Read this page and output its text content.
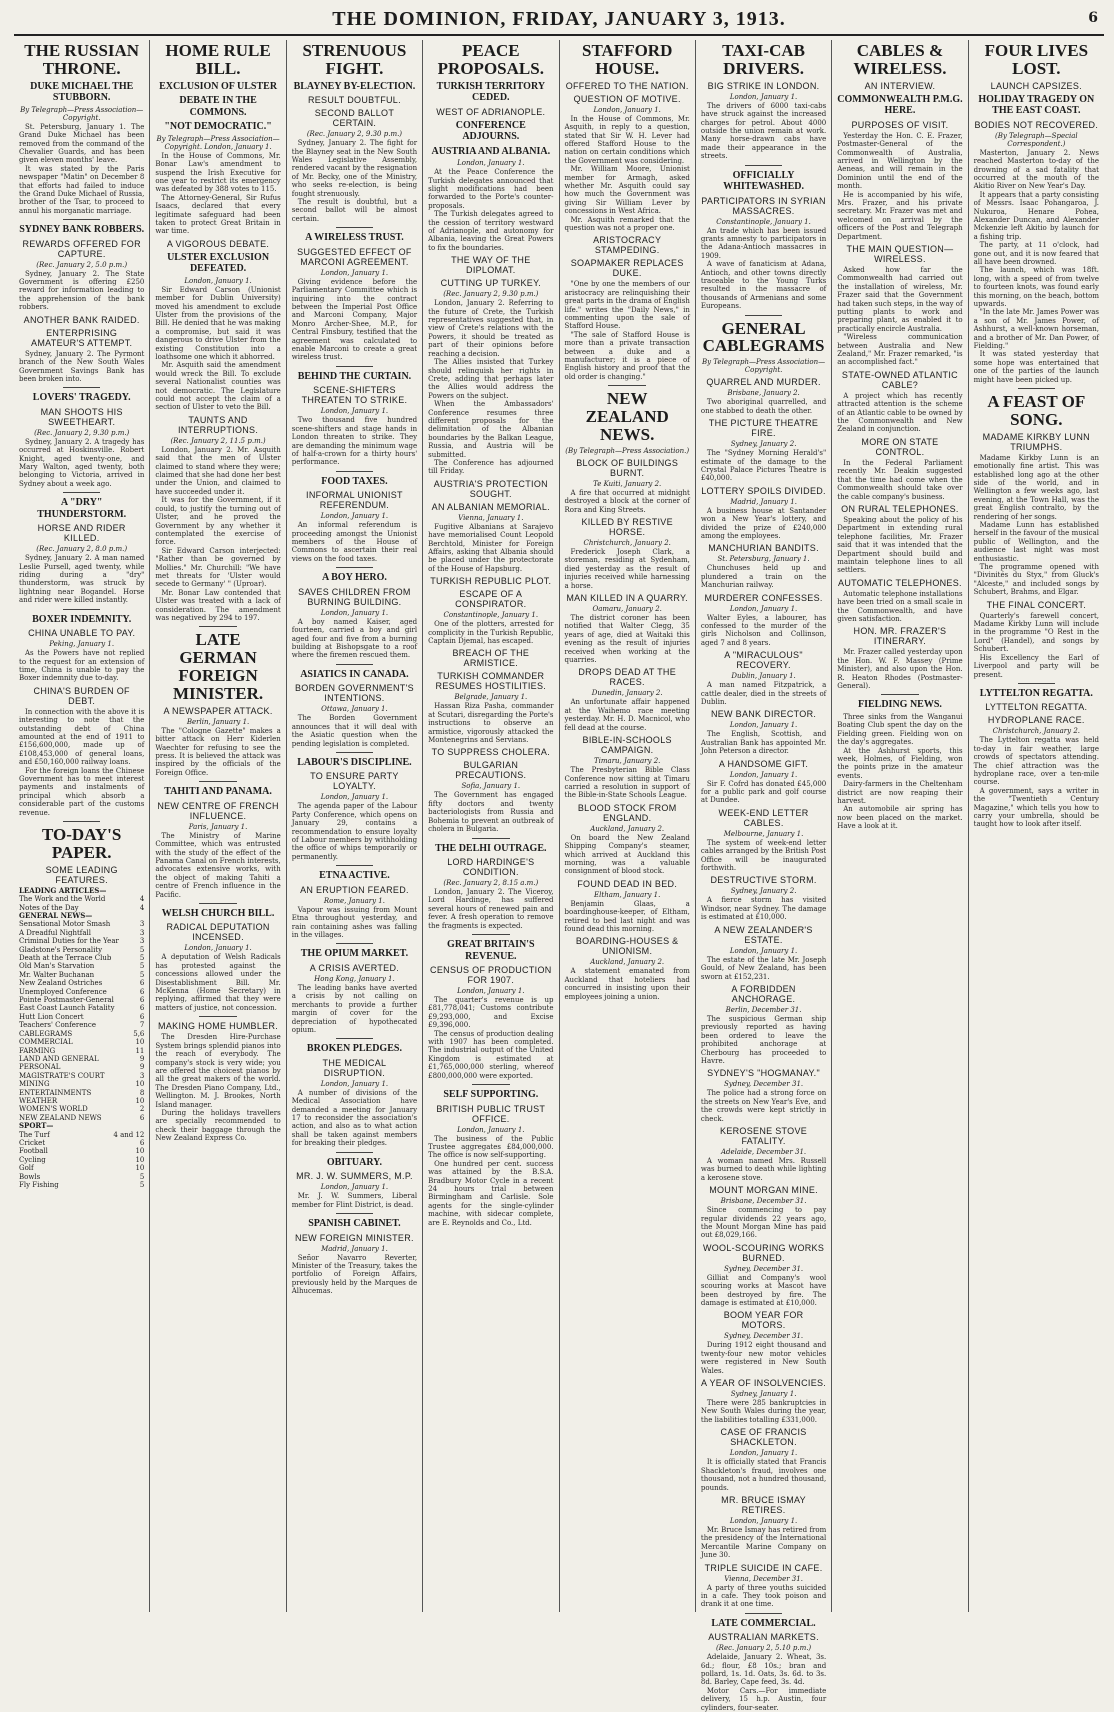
THE DOMINION, FRIDAY, JANUARY 3, 1913.	6
THE RUSSIAN THRONE.
DUKE MICHAEL THE STUBBORN.
By Telegraph—Press Association—Copyright.

St. Petersburg, January 1. The Grand Duke Michael has been removed from the command of the Chevalier Guards, and has been given eleven months' leave.

It was stated by the Paris newspaper "Matin" on December 8 that efforts had failed to induce the Grand Duke Michael of Russia, brother of the Tsar, to proceed to annul his morganatic marriage.

SYDNEY BANK ROBBERS.
REWARDS OFFERED FOR CAPTURE.
(Rec. January 2, 5.0 p.m.)

Sydney, January 2. The State Government is offering £250 reward for information leading to the apprehension of the bank robbers.

ANOTHER BANK RAIDED.
ENTERPRISING AMATEUR'S ATTEMPT.

Sydney, January 2. The Pyrmont branch of the New South Wales Government Savings Bank has been broken into.

LOVERS' TRAGEDY.
MAN SHOOTS HIS SWEETHEART.
(Rec. January 2, 9.30 p.m.)

Sydney, January 2. A tragedy has occurred at Hoskinsville. Robert Knight, aged twenty-one, and Mary Walton, aged twenty, both belonging to Victoria, arrived in Sydney about a week ago.

A "DRY" THUNDERSTORM.
HORSE AND RIDER KILLED.
(Rec. January 2, 8.0 p.m.)

Sydney, January 2. A man named Leslie Pursell, aged twenty, while riding during a "dry" thunderstorm, was struck by lightning near Bogandel. Horse and rider were killed instantly.

BOXER INDEMNITY.
CHINA UNABLE TO PAY.
Peking, January 1.

As the Powers have not replied to the request for an extension of time, China is unable to pay the Boxer indemnity due to-day.

CHINA'S BURDEN OF DEBT.

In connection with the above it is interesting to note that the outstanding debt of China amounted at the end of 1911 to £156,600,000, made up of £108,453,000 of general loans, and £50,160,000 railway loans.

For the foreign loans the Chinese Government has to meet interest payments and instalments of principal which absorb a considerable part of the customs revenue.

TO-DAY'S PAPER.
SOME LEADING FEATURES.
LEADING ARTICLES—
The Work and the World	4
Notes of the Day	4
GENERAL NEWS—
Sensational Motor Smash	3
A Dreadful Nightfall	3
Criminal Duties for the Year	3
Gladstone's Personality	5
Death at the Terrace Club	5
Old Man's Starvation	5
Mr. Walter Buchanan	5
New Zealand Ostriches	6
Unemployed Conference	6
Pointe Postmaster-General	6
East Coast Launch Fatality	6
Hutt Lion Concert	6
Teachers' Conference	7
CABLEGRAMS	5,6
COMMERCIAL	10
FARMING	11
LAND AND GENERAL	9
PERSONAL	9
MAGISTRATE'S COURT	3
MINING	10
ENTERTAINMENTS	8
WEATHER	10
WOMEN'S WORLD	2
NEW ZEALAND NEWS	6
SPORT—
The Turf	4 and 12
Cricket	6
Football	10
Cycling	10
Golf	10
Bowls	5
Fly Fishing	5
HOME RULE BILL.
EXCLUSION OF ULSTER
DEBATE IN THE COMMONS.
"NOT DEMOCRATIC."
By Telegraph—Press Association—Copyright. London, January 1.

In the House of Commons, Mr. Bonar Law's amendment to suspend the Irish Executive for one year to restrict its emergency was defeated by 388 votes to 115.

The Attorney-General, Sir Rufus Isaacs, declared that every legitimate safeguard had been taken to protect Great Britain in war time.

A VIGOROUS DEBATE.
ULSTER EXCLUSION DEFEATED.
London, January 1.

Sir Edward Carson (Unionist member for Dublin University) moved his amendment to exclude Ulster from the provisions of the Bill. He denied that he was making a compromise, but said it was dangerous to drive Ulster from the existing Constitution into a loathsome one which it abhorred.

Mr. Asquith said the amendment would wreck the Bill. To exclude several Nationalist counties was not democratic. The Legislature could not accept the claim of a section of Ulster to veto the Bill.

TAUNTS AND INTERRUPTIONS.
(Rec. January 2, 11.5 p.m.)

London, January 2. Mr. Asquith said that the men of Ulster claimed to stand where they were; claimed that she had done her best under the Union, and claimed to have succeeded under it.

It was for the Government, if it could, to justify the turning out of Ulster, and he proved the Government by any whether it contemplated the exercise of force.

Sir Edward Carson interjected: "Rather than be governed by Mollies." Mr. Churchill: "We have met threats for 'Ulster would secede to Germany' " (Uproar).

Mr. Bonar Law contended that Ulster was treated with a lack of consideration. The amendment was negatived by 294 to 197.

LATE GERMAN FOREIGN MINISTER.
A NEWSPAPER ATTACK.
Berlin, January 1.

The "Cologne Gazette" makes a bitter attack on Herr Kiderlen Waechter for refusing to see the press. It is believed the attack was inspired by the officials of the Foreign Office.

TAHITI AND PANAMA.
NEW CENTRE OF FRENCH INFLUENCE.
Paris, January 1.

The Ministry of Marine Committee, which was entrusted with the study of the effect of the Panama Canal on French interests, advocates extensive works, with the object of making Tahiti a centre of French influence in the Pacific.

WELSH CHURCH BILL.
RADICAL DEPUTATION INCENSED.
London, January 1.

A deputation of Welsh Radicals has protested against the concessions allowed under the Disestablishment Bill. Mr. McKenna (Home Secretary) in replying, affirmed that they were matters of justice, not concession.

MAKING HOME HUMBLER.

The Dresden Hire-Purchase System brings splendid pianos into the reach of everybody. The company's stock is very wide; you are offered the choicest pianos by all the great makers of the world. The Dresden Piano Company, Ltd., Wellington. M. J. Brookes, North Island manager.

During the holidays travellers are specially recommended to check their baggage through the New Zealand Express Co.

STRENUOUS FIGHT.
BLAYNEY BY-ELECTION.
RESULT DOUBTFUL.
SECOND BALLOT CERTAIN.
(Rec. January 2, 9.30 p.m.)

Sydney, January 2. The fight for the Blayney seat in the New South Wales Legislative Assembly, rendered vacant by the resignation of Mr. Becky, one of the Ministry, who seeks re-election, is being fought strenuously.

The result is doubtful, but a second ballot will be almost certain.

A WIRELESS TRUST.
SUGGESTED EFFECT OF MARCONI AGREEMENT.
London, January 1.

Giving evidence before the Parliamentary Committee which is inquiring into the contract between the Imperial Post Office and Marconi Company, Major Monro Archer-Shee, M.P., for Central Finsbury, testified that the agreement was calculated to enable Marconi to create a great wireless trust.

BEHIND THE CURTAIN.
SCENE-SHIFTERS THREATEN TO STRIKE.
London, January 1.

Two thousand five hundred scene-shifters and stage hands in London threaten to strike. They are demanding the minimum wage of half-a-crown for a thirty hours' performance.

FOOD TAXES.
INFORMAL UNIONIST REFERENDUM.
London, January 1.

An informal referendum is proceeding amongst the Unionist members of the House of Commons to ascertain their real views on the food taxes.

A BOY HERO.
SAVES CHILDREN FROM BURNING BUILDING.
London, January 1.

A boy named Kaiser, aged fourteen, carried a boy and girl aged four and five from a burning building at Bishopsgate to a roof where the firemen rescued them.

ASIATICS IN CANADA.
BORDEN GOVERNMENT'S INTENTIONS.
Ottawa, January 1.

The Borden Government announces that it will deal with the Asiatic question when the pending legislation is completed.

LABOUR'S DISCIPLINE.
TO ENSURE PARTY LOYALTY.
London, January 1.

The agenda paper of the Labour Party Conference, which opens on January 29, contains a recommendation to ensure loyalty of Labour members by withholding the office of whips temporarily or permanently.

ETNA ACTIVE.
AN ERUPTION FEARED.
Rome, January 1.

Vapour was issuing from Mount Etna throughout yesterday, and rain containing ashes was falling in the villages.

THE OPIUM MARKET.
A CRISIS AVERTED.
Hong Kong, January 1.

The leading banks have averted a crisis by not calling on merchants to provide a further margin of cover for the depreciation of hypothecated opium.

BROKEN PLEDGES.
THE MEDICAL DISRUPTION.
London, January 1.

A number of divisions of the Medical Association have demanded a meeting for January 17 to reconsider the association's action, and also as to what action shall be taken against members for breaking their pledges.

OBITUARY.
MR. J. W. SUMMERS, M.P.
London, January 1.

Mr. J. W. Summers, Liberal member for Flint District, is dead.

SPANISH CABINET.
NEW FOREIGN MINISTER.
Madrid, January 1.

Señor Navarro Reverter, Minister of the Treasury, takes the portfolio of Foreign Affairs, previously held by the Marques de Alhucemas.

PEACE PROPOSALS.
TURKISH TERRITORY CEDED.
WEST OF ADRIANOPLE.
CONFERENCE ADJOURNS.
AUSTRIA AND ALBANIA.
London, January 1.

At the Peace Conference the Turkish delegates announced that slight modifications had been forwarded to the Porte's counter-proposals.

The Turkish delegates agreed to the cession of territory westward of Adrianople, and autonomy for Albania, leaving the Great Powers to fix the boundaries.

THE WAY OF THE DIPLOMAT.
CUTTING UP TURKEY.
(Rec. January 2, 9.30 p.m.)

London, January 2. Referring to the future of Crete, the Turkish representatives suggested that, in view of Crete's relations with the Powers, it should be treated as part of their opinions before reaching a decision.

The Allies insisted that Turkey should relinquish her rights in Crete, adding that perhaps later the Allies would address the Powers on the subject.

When the Ambassadors' Conference resumes three different proposals for the delimitation of the Albanian boundaries by the Balkan League, Russia, and Austria will be submitted.

The Conference has adjourned till Friday.

AUSTRIA'S PROTECTION SOUGHT.
AN ALBANIAN MEMORIAL.
Vienna, January 1.

Fugitive Albanians at Sarajevo have memorialised Count Leopold Berchtold, Minister for Foreign Affairs, asking that Albania should be placed under the protectorate of the House of Hapsburg.

TURKISH REPUBLIC PLOT.
ESCAPE OF A CONSPIRATOR.
Constantinople, January 1.

One of the plotters, arrested for complicity in the Turkish Republic, Captain Djemal, has escaped.

BREACH OF THE ARMISTICE.
TURKISH COMMANDER RESUMES HOSTILITIES.
Belgrade, January 1.

Hassan Riza Pasha, commander at Scutari, disregarding the Porte's instructions to observe an armistice, vigorously attacked the Montenegrins and Servians.

TO SUPPRESS CHOLERA.
BULGARIAN PRECAUTIONS.
Sofia, January 1.

The Government has engaged fifty doctors and twenty bacteriologists from Russia and Bohemia to prevent an outbreak of cholera in Bulgaria.

THE DELHI OUTRAGE.
LORD HARDINGE'S CONDITION.
(Rec. January 2, 8.15 a.m.)

London, January 2. The Viceroy, Lord Hardinge, has suffered several hours of renewed pain and fever. A fresh operation to remove the fragments is expected.

GREAT BRITAIN'S REVENUE.
CENSUS OF PRODUCTION FOR 1907.
London, January 1.

The quarter's revenue is up £81,778,041; Customs contribute £9,293,000, and Excise £9,396,000.

The census of production dealing with 1907 has been completed. The industrial output of the United Kingdom is estimated at £1,765,000,000 sterling, whereof £800,000,000 were exported.

SELF SUPPORTING.
BRITISH PUBLIC TRUST OFFICE.
London, January 1.

The business of the Public Trustee aggregates £84,000,000. The office is now self-supporting.

One hundred per cent. success was attained by the B.S.A. Bradbury Motor Cycle in a recent 24 hours trial between Birmingham and Carlisle. Sole agents for the single-cylinder machine, with sidecar complete, are E. Reynolds and Co., Ltd.

STAFFORD HOUSE.
OFFERED TO THE NATION.
QUESTION OF MOTIVE.
London, January 1.

In the House of Commons, Mr. Asquith, in reply to a question, stated that Sir W. H. Lever had offered Stafford House to the nation on certain conditions which the Government was considering.

Mr. William Moore, Unionist member for Armagh, asked whether Mr. Asquith could say how much the Government was giving Sir William Lever by concessions in West Africa.

Mr. Asquith remarked that the question was not a proper one.

ARISTOCRACY STAMPEDING.
SOAPMAKER REPLACES DUKE.

"One by one the members of our aristocracy are relinquishing their great parts in the drama of English life." writes the "Daily News," in commenting upon the sale of Stafford House.

"The sale of Stafford House is more than a private transaction between a duke and a manufacturer; it is a piece of English history and proof that the old order is changing."

NEW ZEALAND NEWS.
(By Telegraph—Press Association.)
BLOCK OF BUILDINGS BURNT.
Te Kuiti, January 2.

A fire that occurred at midnight destroyed a block at the corner of Rora and King Streets.

KILLED BY RESTIVE HORSE.
Christchurch, January 2.

Frederick Joseph Clark, a storeman, residing at Sydenham, died yesterday as the result of injuries received while harnessing a horse.

MAN KILLED IN A QUARRY.
Oamaru, January 2.

The district coroner has been notified that Walter Clegg, 35 years of age, died at Waitaki this evening as the result of injuries received when working at the quarries.

DROPS DEAD AT THE RACES.
Dunedin, January 2.

An unfortunate affair happened at the Waihemo race meeting yesterday. Mr. H. D. Macnicol, who fell dead at the course.

BIBLE-IN-SCHOOLS CAMPAIGN.
Timaru, January 2.

The Presbyterian Bible Class Conference now sitting at Timaru carried a resolution in support of the Bible-in-State Schools League.

BLOOD STOCK FROM ENGLAND.
Auckland, January 2.

On board the New Zealand Shipping Company's steamer, which arrived at Auckland this morning, was a valuable consignment of blood stock.

FOUND DEAD IN BED.
Eltham, January 1.

Benjamin Glaas, a boardinghouse-keeper, of Eltham, retired to bed last night and was found dead this morning.

BOARDING-HOUSES & UNIONISM.
Auckland, January 2.

A statement emanated from Auckland that hoteliers had concurred in insisting upon their employees joining a union.

TAXI-CAB DRIVERS.
BIG STRIKE IN LONDON.
London, January 1.

The drivers of 6000 taxi-cabs have struck against the increased charges for petrol. About 4000 outside the union remain at work. Many horse-drawn cabs have made their appearance in the streets.

OFFICIALLY WHITEWASHED.
PARTICIPATORS IN SYRIAN MASSACRES.
Constantinople, January 1.

An trade which has been issued grants amnesty to participators in the Adana-Antioch massacres in 1909.

A wave of fanaticism at Adana, Antioch, and other towns directly traceable to the Young Turks resulted in the massacre of thousands of Armenians and some Europeans.

GENERAL CABLEGRAMS
By Telegraph—Press Association—Copyright.
QUARREL AND MURDER.
Brisbane, January 2.

Two aboriginal quarrelled, and one stabbed to death the other.

THE PICTURE THEATRE FIRE.
Sydney, January 2.

The "Sydney Morning Herald's" estimate of the damage to the Crystal Palace Pictures Theatre is £40,000.

LOTTERY SPOILS DIVIDED.
Madrid, January 1.

A business house at Santander won a New Year's lottery, and divided the prize of £240,000 among the employees.

MANCHURIAN BANDITS.
St. Petersburg, January 1.

Chunchuses held up and plundered a train on the Manchurian railway.

MURDERER CONFESSES.
London, January 1.

Walter Eyles, a labourer, has confessed to the murder of the girls Nicholson and Collinson, aged 7 and 8 years.

A "MIRACULOUS" RECOVERY.
Dublin, January 1.

A man named Fitzpatrick, a cattle dealer, died in the streets of Dublin.

NEW BANK DIRECTOR.
London, January 1.

The English, Scottish, and Australian Bank has appointed Mr. John Peterson a director.

A HANDSOME GIFT.
London, January 1.

Sir F. Cofrd has donated £45,000 for a public park and golf course at Dundee.

WEEK-END LETTER CABLES.
Melbourne, January 1.

The system of week-end letter cables arranged by the British Post Office will be inaugurated forthwith.

DESTRUCTIVE STORM.
Sydney, January 2.

A fierce storm has visited Windsor, near Sydney. The damage is estimated at £10,000.

A NEW ZEALANDER'S ESTATE.
London, January 1.

The estate of the late Mr. Joseph Gould, of New Zealand, has been sworn at £152,231.

A FORBIDDEN ANCHORAGE.
Berlin, December 31.

The suspicious German ship previously reported as having been ordered to leave the prohibited anchorage at Cherbourg has proceeded to Havre.

SYDNEY'S "HOGMANAY."
Sydney, December 31.

The police had a strong force on the streets on New Year's Eve, and the crowds were kept strictly in check.

KEROSENE STOVE FATALITY.
Adelaide, December 31.

A woman named Mrs. Russell was burned to death while lighting a kerosene stove.

MOUNT MORGAN MINE.
Brisbane, December 31.

Since commencing to pay regular dividends 22 years ago, the Mount Morgan Mine has paid out £8,029,166.

WOOL-SCOURING WORKS BURNED.
Sydney, December 31.

Gilliat and Company's wool scouring works at Mascot have been destroyed by fire. The damage is estimated at £10,000.

BOOM YEAR FOR MOTORS.
Sydney, December 31.

During 1912 eight thousand and twenty-four new motor vehicles were registered in New South Wales.

A YEAR OF INSOLVENCIES.
Sydney, January 1.

There were 285 bankruptcies in New South Wales during the year, the liabilities totalling £331,000.

CASE OF FRANCIS SHACKLETON.
London, January 1.

It is officially stated that Francis Shackleton's fraud, involves one thousand, not a hundred thousand, pounds.

MR. BRUCE ISMAY RETIRES.
London, January 1.

Mr. Bruce Ismay has retired from the presidency of the International Mercantile Marine Company on June 30.

TRIPLE SUICIDE IN CAFE.
Vienna, December 31.

A party of three youths suicided in a cafe. They took poison and drank it at one time.

LATE COMMERCIAL.
AUSTRALIAN MARKETS.
(Rec. January 2, 5.10 p.m.)

Adelaide, January 2. Wheat, 3s. 6d.; flour, £8 10s.; bran and pollard, 1s. 1d. Oats, 3s. 6d. to 3s. 8d. Barley, Cape feed, 3s. 4d.

Motor Cars.—For immediate delivery, 15 h.p. Austin, four cylinders, four-seater.

CABLES & WIRELESS.
AN INTERVIEW.
COMMONWEALTH P.M.G. HERE.
PURPOSES OF VISIT.

Yesterday the Hon. C. E. Frazer, Postmaster-General of the Commonwealth of Australia, arrived in Wellington by the Aeneas, and will remain in the Dominion until the end of the month.

He is accompanied by his wife, Mrs. Frazer, and his private secretary. Mr. Frazer was met and welcomed on arrival by the officers of the Post and Telegraph Department.

THE MAIN QUESTION—WIRELESS.

Asked how far the Commonwealth had carried out the installation of wireless, Mr. Frazer said that the Government had taken such steps, in the way of putting plants to work and preparing plant, as enabled it to practically encircle Australia.

"Wireless communication between Australia and New Zealand," Mr. Frazer remarked, "is an accomplished fact."

STATE-OWNED ATLANTIC CABLE?

A project which has recently attracted attention is the scheme of an Atlantic cable to be owned by the Commonwealth and New Zealand in conjunction.

MORE ON STATE CONTROL.

In the Federal Parliament recently Mr. Deakin suggested that the time had come when the Commonwealth should take over the cable company's business.

ON RURAL TELEPHONES.

Speaking about the policy of his Department in extending rural telephone facilities, Mr. Frazer said that it was intended that the Department should build and maintain telephone lines to all settlers.

AUTOMATIC TELEPHONES.

Automatic telephone installations have been tried on a small scale in the Commonwealth, and have given satisfaction.

HON. MR. FRAZER'S ITINERARY.

Mr. Frazer called yesterday upon the Hon. W. F. Massey (Prime Minister), and also upon the Hon. R. Heaton Rhodes (Postmaster-General).

FIELDING NEWS.

Three sinks from the Wanganui Boating Club spent the day on the Fielding green. Fielding won on the day's aggregates.

At the Ashhurst sports, this week, Holmes, of Fielding, won the points prize in the amateur events.

Dairy-farmers in the Cheltenham district are now reaping their harvest.

An automobile air spring has now been placed on the market. Have a look at it.

FOUR LIVES LOST.
LAUNCH CAPSIZES.
HOLIDAY TRAGEDY ON THE EAST COAST.
BODIES NOT RECOVERED.
(By Telegraph—Special Correspondent.)

Masterton, January 2. News reached Masterton to-day of the drowning of a sad fatality that occurred at the mouth of the Akitio River on New Year's Day.

It appears that a party consisting of Messrs. Isaac Pohangaroa, J. Nukuroa, Henare Pohea, Alexander Duncan, and Alexander Mckenzie left Akitio by launch for a fishing trip.

The party, at 11 o'clock, had gone out, and it is now feared that all have been drowned.

The launch, which was 18ft. long, with a speed of from twelve to fourteen knots, was found early this morning, on the beach, bottom upwards.

"In the late Mr. James Power was a son of Mr. James Power, of Ashhurst, a well-known horseman, and a brother of Mr. Dan Power, of Fielding."

It was stated yesterday that some hope was entertained that one of the parties of the launch might have been picked up.

A FEAST OF SONG.
MADAME KIRKBY LUNN TRIUMPHS.

Madame Kirkby Lunn is an emotionally fine artist. This was established long ago at the other side of the world, and in Wellington a few weeks ago, last evening, at the Town Hall, was the great English contralto, by the rendering of her songs.

Madame Lunn has established herself in the favour of the musical public of Wellington, and the audience last night was most enthusiastic.

The programme opened with "Divinités du Styx," from Gluck's "Alceste," and included songs by Schubert, Brahms, and Elgar.

THE FINAL CONCERT.

Quarterly's farewell concert, Madame Kirkby Lunn will include in the programme "O Rest in the Lord" (Handel), and songs by Schubert.

His Excellency the Earl of Liverpool and party will be present.

LYTTELTON REGATTA.
LYTTELTON REGATTA.
HYDROPLANE RACE.
Christchurch, January 2.

The Lyttelton regatta was held to-day in fair weather, large crowds of spectators attending. The chief attraction was the hydroplane race, over a ten-mile course.

A government, says a writer in the "Twentieth Century Magazine," which tells you how to carry your umbrella, should be taught how to look after itself.
